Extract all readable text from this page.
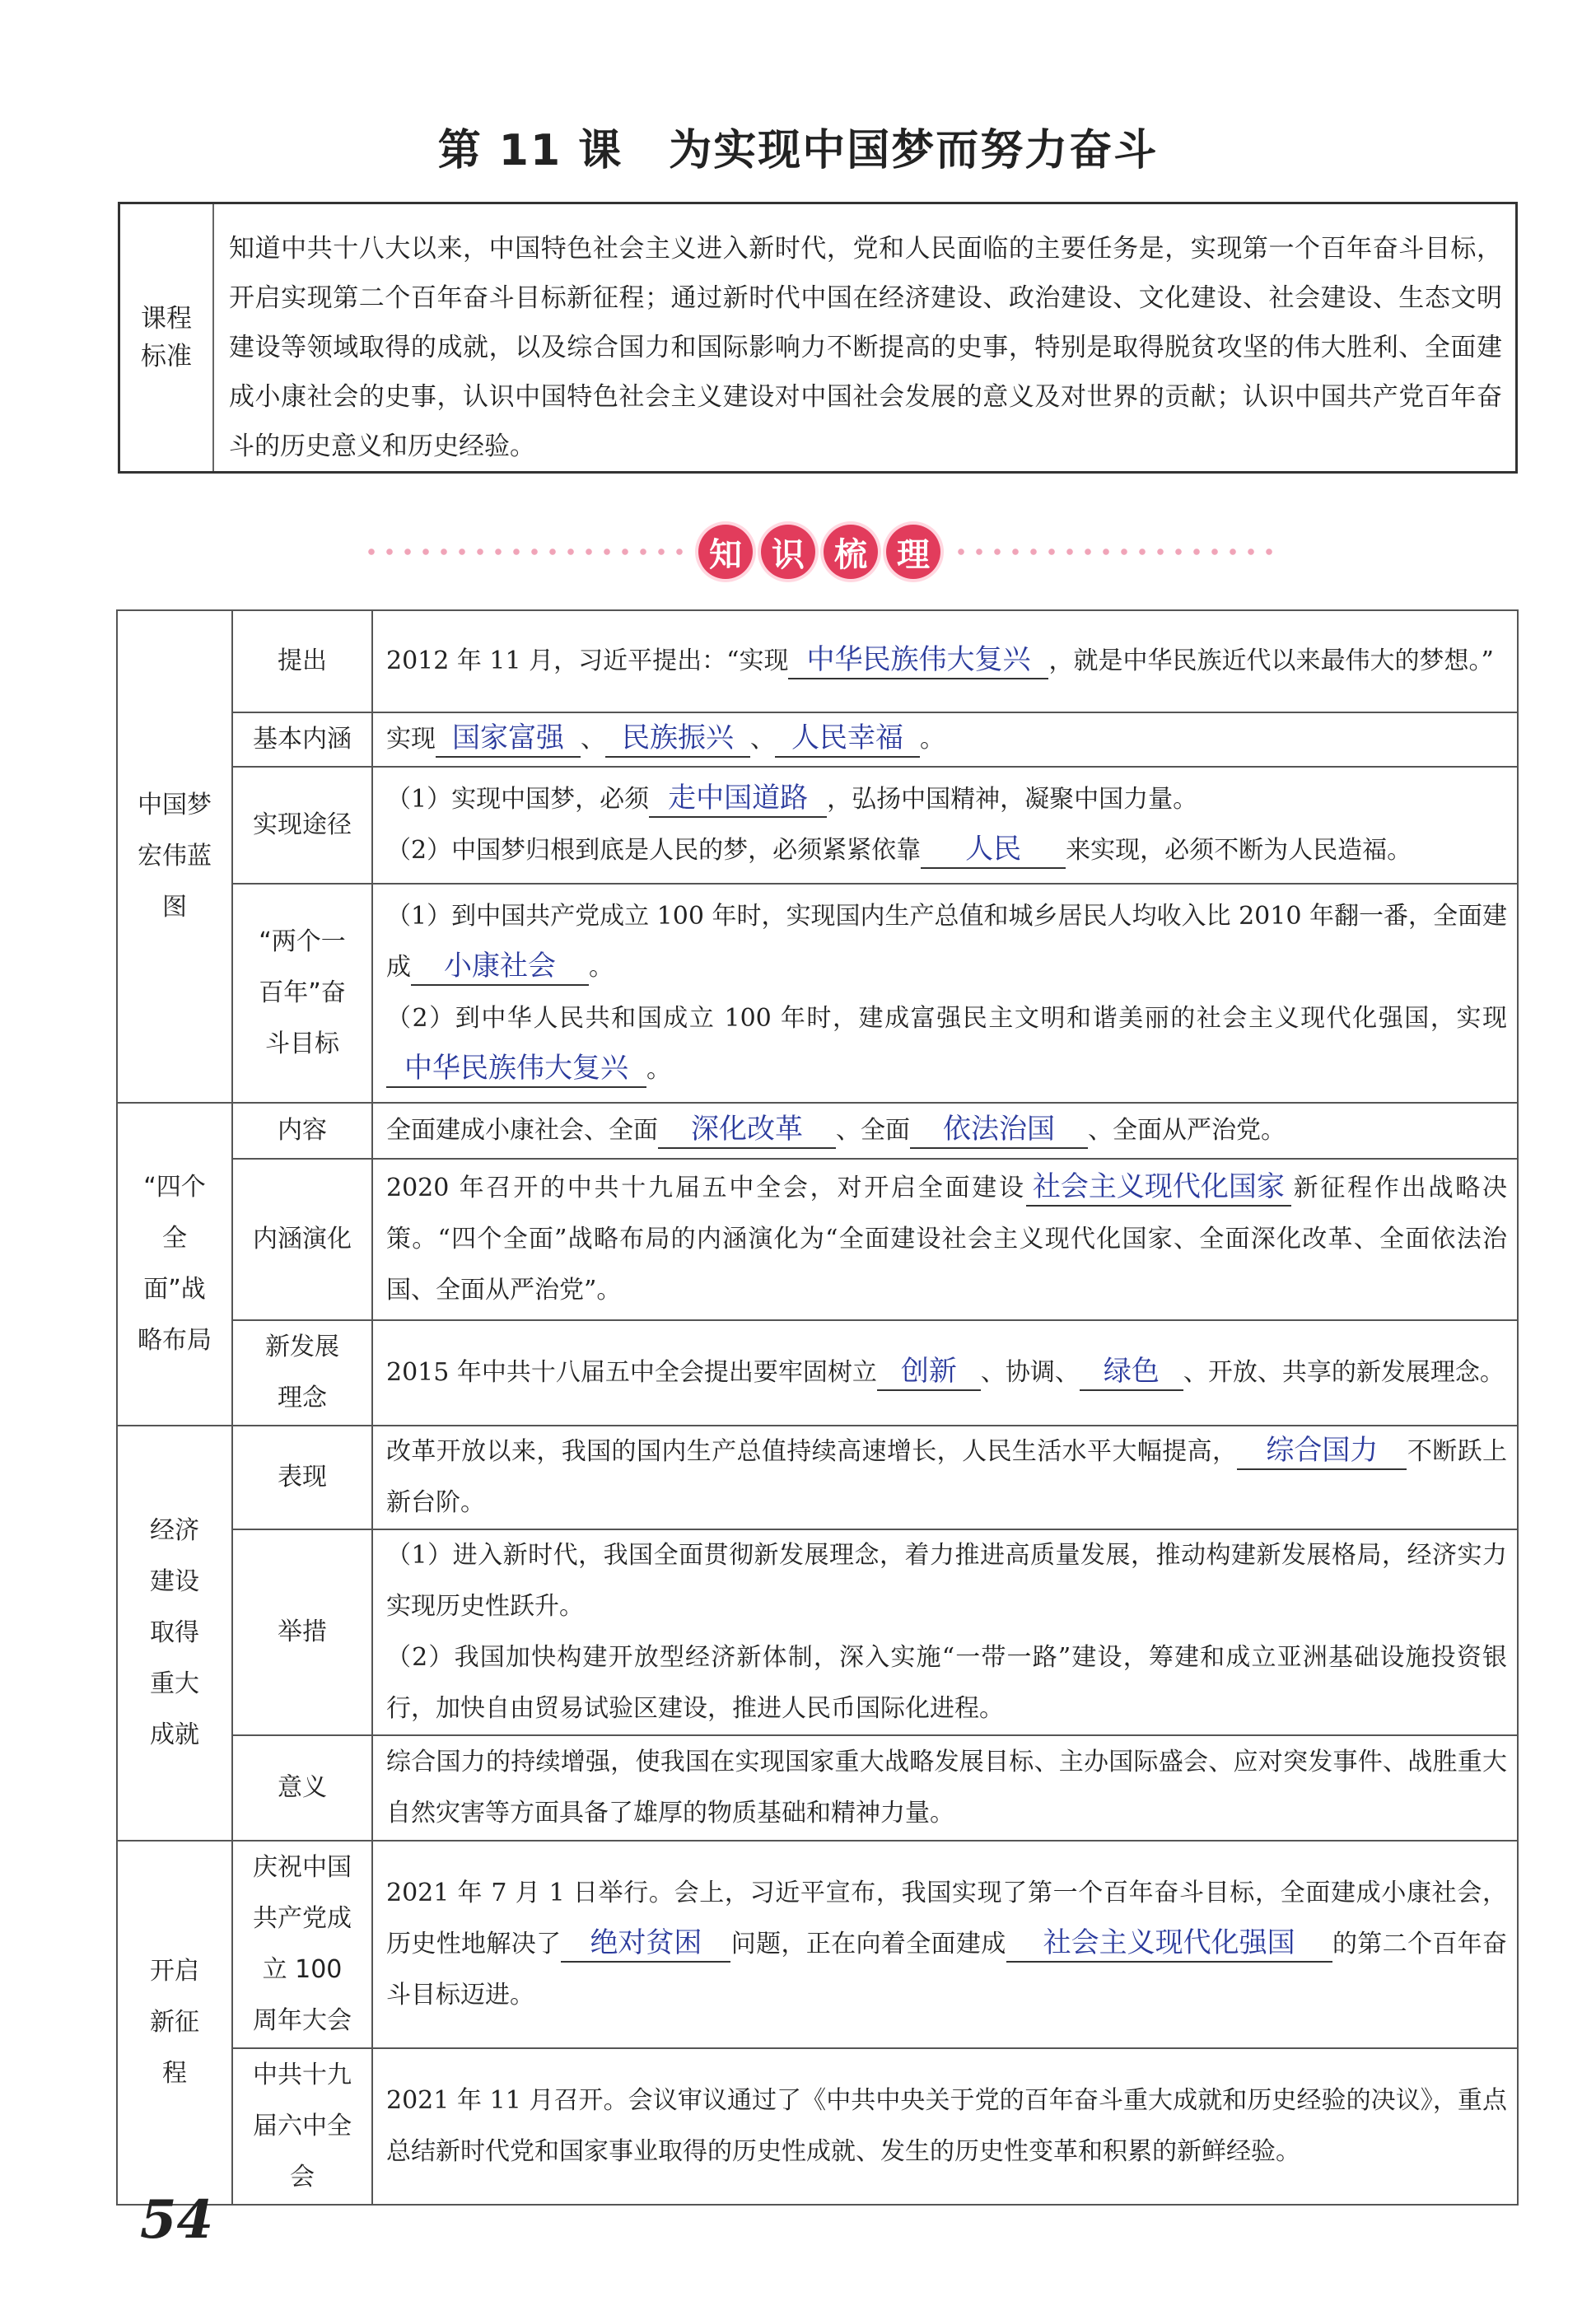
第 11 课 为实现中国梦而努力奋斗
课程标准
知道中共十八大以来，中国特色社会主义进入新时代，党和人民面临的主要任务是，实现第一个百年奋斗目标，开启实现第二个百年奋斗目标新征程；通过新时代中国在经济建设、政治建设、文化建设、社会建设、生态文明建设等领域取得的成就，以及综合国力和国际影响力不断提高的史事，特别是取得脱贫攻坚的伟大胜利、全面建成小康社会的史事，认识中国特色社会主义建设对中国社会发展的意义及对世界的贡献；认识中国共产党百年奋斗的历史意义和历史经验。
知 识 梳 理
中国梦宏伟蓝图	提出	2012 年 11 月，习近平提出：“实现 中华民族伟大复兴 ，就是中华民族近代以来最伟大的梦想。”
	基本内涵	实现 国家富强 、 民族振兴 、 人民幸福 。
	实现途径	（1）实现中国梦，必须 走中国道路 ，弘扬中国精神，凝聚中国力量。
（2）中国梦归根到底是人民的梦，必须紧紧依靠 人民 来实现，必须不断为人民造福。

	“两个一百年”奋斗目标	（1）到中国共产党成立 100 年时，实现国内生产总值和城乡居民人均收入比 2010 年翻一番，全面建成 小康社会 。
（2）到中华人民共和国成立 100 年时，建成富强民主文明和谐美丽的社会主义现代化强国，实现中华民族伟大复兴 。

“四个全面”战略布局	内容	全面建成小康社会、全面 深化改革 、全面 依法治国 、全面从严治党。
	内涵演化	2020 年召开的中共十九届五中全会，对开启全面建设 社会主义现代化国家 新征程作出战略决策。“四个全面”战略布局的内涵演化为“全面建设社会主义现代化国家、全面深化改革、全面依法治国、全面从严治党”。

	新发展理念	2015 年中共十八届五中全会提出要牢固树立 创新 、协调、 绿色 、开放、共享的新发展理念。

经济建设取得重大成就	表现	改革开放以来，我国的国内生产总值持续高速增长，人民生活水平大幅提高， 综合国力 不断跃上新台阶。
	举措	（1）进入新时代，我国全面贯彻新发展理念，着力推进高质量发展，推动构建新发展格局，经济实力实现历史性跃升。
（2）我国加快构建开放型经济新体制，深入实施“一带一路”建设，筹建和成立亚洲基础设施投资银行，加快自由贸易试验区建设，推进人民币国际化进程。

	意义	综合国力的持续增强，使我国在实现国家重大战略发展目标、主办国际盛会、应对突发事件、战胜重大自然灾害等方面具备了雄厚的物质基础和精神力量。

开启新征程	庆祝中国共产党成立 100 周年大会	2021 年 7 月 1 日举行。会上，习近平宣布，我国实现了第一个百年奋斗目标，全面建成小康社会，历史性地解决了 绝对贫困 问题，正在向着全面建成 社会主义现代化强国 的第二个百年奋斗目标迈进。

	中共十九届六中全会	2021 年 11 月召开。会议审议通过了《中共中央关于党的百年奋斗重大成就和历史经验的决议》，重点总结新时代党和国家事业取得的历史性成就、发生的历史性变革和积累的新鲜经验。
54
